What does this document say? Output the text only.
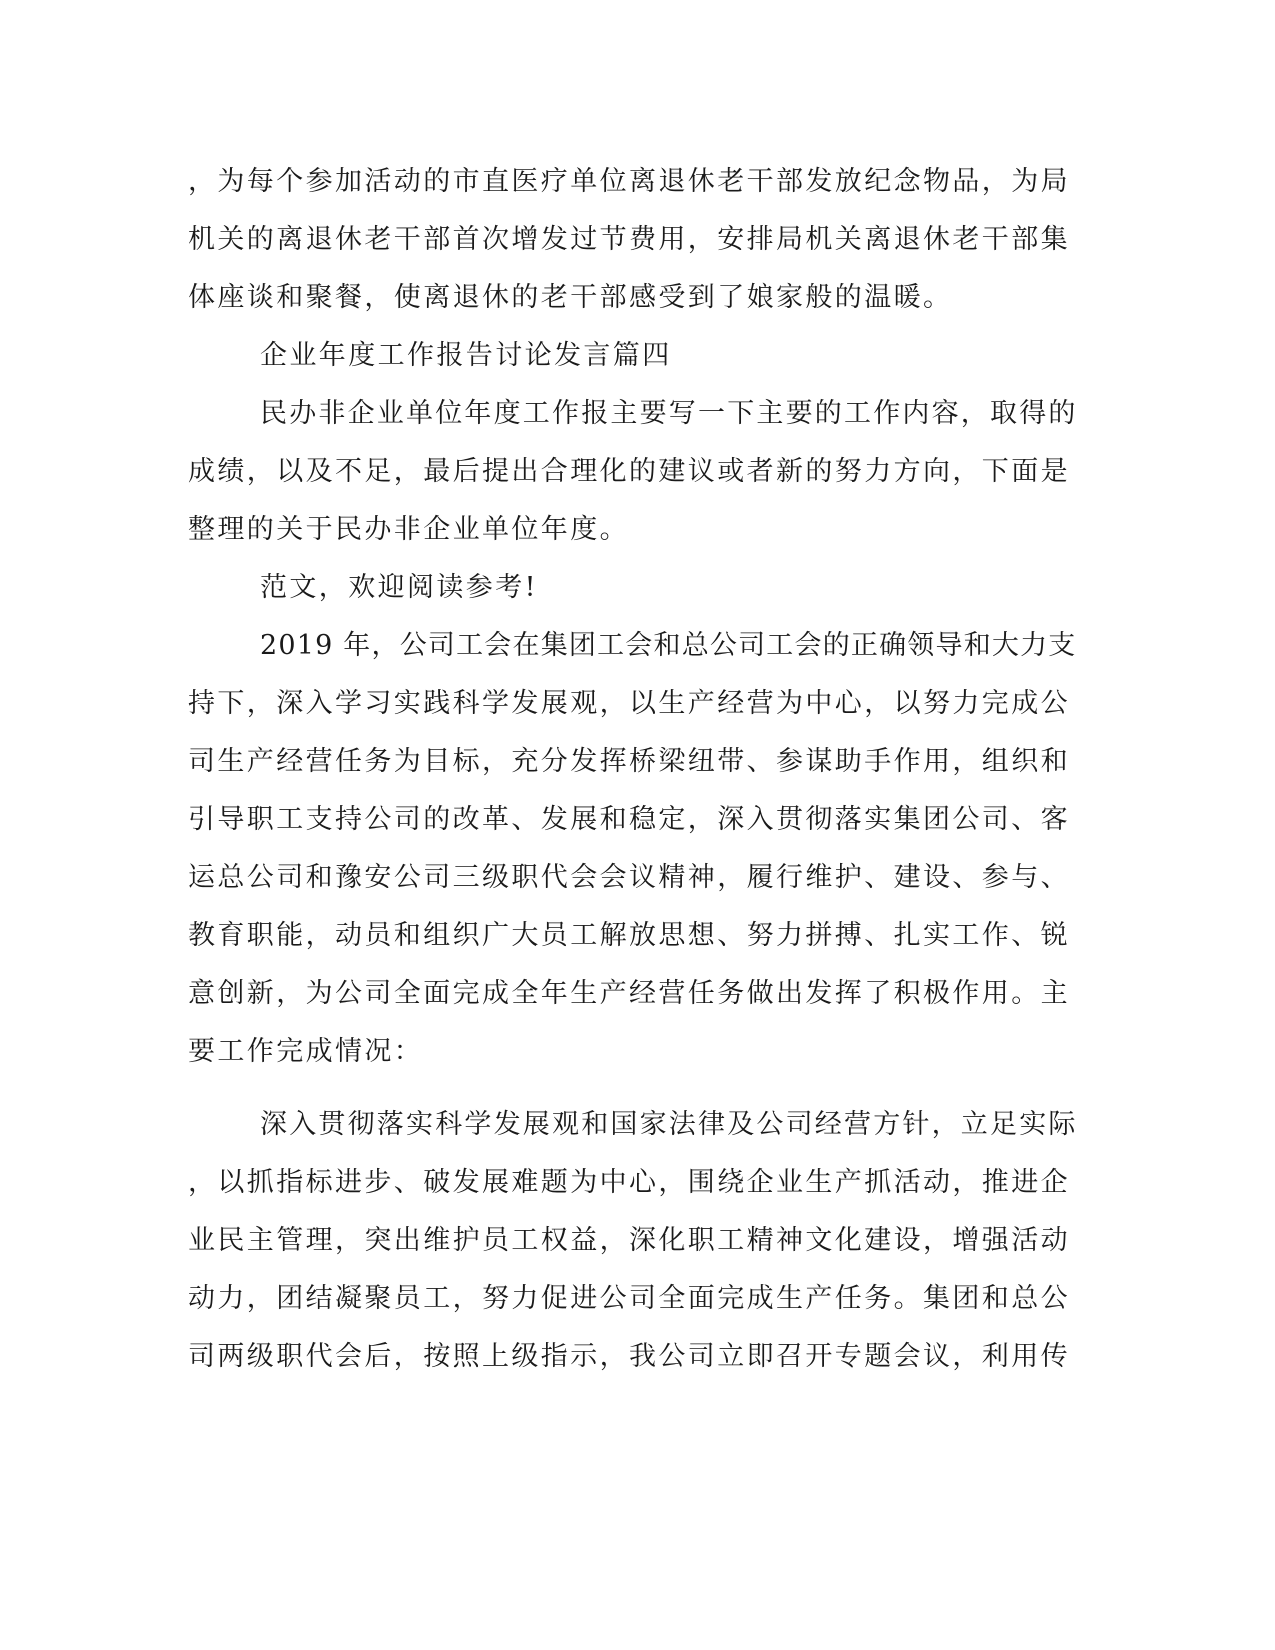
，为每个参加活动的市直医疗单位离退休老干部发放纪念物品，为局
机关的离退休老干部首次增发过节费用，安排局机关离退休老干部集
体座谈和聚餐，使离退休的老干部感受到了娘家般的温暖。
企业年度工作报告讨论发言篇四
民办非企业单位年度工作报主要写一下主要的工作内容，取得的
成绩，以及不足，最后提出合理化的建议或者新的努力方向，下面是
整理的关于民办非企业单位年度。
范文，欢迎阅读参考!
2019 年，公司工会在集团工会和总公司工会的正确领导和大力支
持下，深入学习实践科学发展观，以生产经营为中心，以努力完成公
司生产经营任务为目标，充分发挥桥梁纽带、参谋助手作用，组织和
引导职工支持公司的改革、发展和稳定，深入贯彻落实集团公司、客
运总公司和豫安公司三级职代会会议精神，履行维护、建设、参与、
教育职能，动员和组织广大员工解放思想、努力拼搏、扎实工作、锐
意创新，为公司全面完成全年生产经营任务做出发挥了积极作用。主
要工作完成情况：
深入贯彻落实科学发展观和国家法律及公司经营方针，立足实际
，以抓指标进步、破发展难题为中心，围绕企业生产抓活动，推进企
业民主管理，突出维护员工权益，深化职工精神文化建设，增强活动
动力，团结凝聚员工，努力促进公司全面完成生产任务。集团和总公
司两级职代会后，按照上级指示，我公司立即召开专题会议，利用传
